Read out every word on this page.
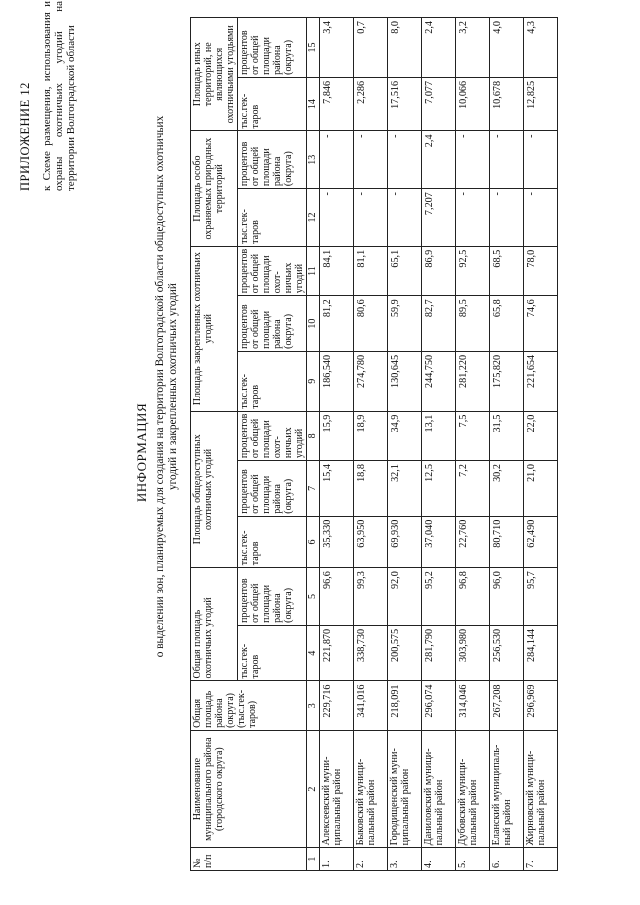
ПРИЛОЖЕНИЕ 12 к Схеме размещения, использования и охраны охотничьих угодий на территории Волгоградской области
ИНФОРМАЦИЯ о выделении зон, планируемых для создания на территории Волгоградской области общедоступных охотничьих угодий и закрепленных охотничьих угодий
№ п/п	Наименование муниципального района (городского округа)	Общая площадь района (округа) (тыс.гек-таров)	Общая площадь охотничьих угодий		Площадь общедоступных охотничьих угодий			Площадь закрепленных охотничьих угодий			Площадь особо охраняемых природных территорий		Площадь иных территорий, не являющихся охотничьими угодьями	
			тыс.гек-таров	процентов от общей площади района (округа)	тыс.гек-таров	процентов от общей площади района (округа)	процентов от общей площади охот-ничьих угодий	тыс.гек-таров	процентов от общей площади района (округа)	процентов от общей площади охот-ничьих угодий	тыс.гек-таров	процентов от общей площади района (округа)	тыс.гек-таров	процентов от общей площади района (округа)
1	2	3	4	5	6	7	8	9	10	11	12	13	14	15
1.	Алексеевский муни-ципальный район	229,716	221,870	96,6	35,330	15,4	15,9	186,540	81,2	84,1	-	-	7,846	3,4
2.	Быковский муници-пальный район	341,016	338,730	99,3	63,950	18,8	18,9	274,780	80,6	81,1	-	-	2,286	0,7
3.	Городищенский муни-ципальный район	218,091	200,575	92,0	69,930	32,1	34,9	130,645	59,9	65,1	-	-	17,516	8,0
4.	Даниловский муници-пальный район	296,074	281,790	95,2	37,040	12,5	13,1	244,750	82,7	86,9	7,207	2,4	7,077	2,4
5.	Дубовский муници-пальный район	314,046	303,980	96,8	22,760	7,2	7,5	281,220	89,5	92,5	-	-	10,066	3,2
6.	Еланский муниципаль-ный район	267,208	256,530	96,0	80,710	30,2	31,5	175,820	65,8	68,5	-	-	10,678	4,0
7.	Жирновский муници-пальный район	296,969	284,144	95,7	62,490	21,0	22,0	221,654	74,6	78,0	-	-	12,825	4,3
